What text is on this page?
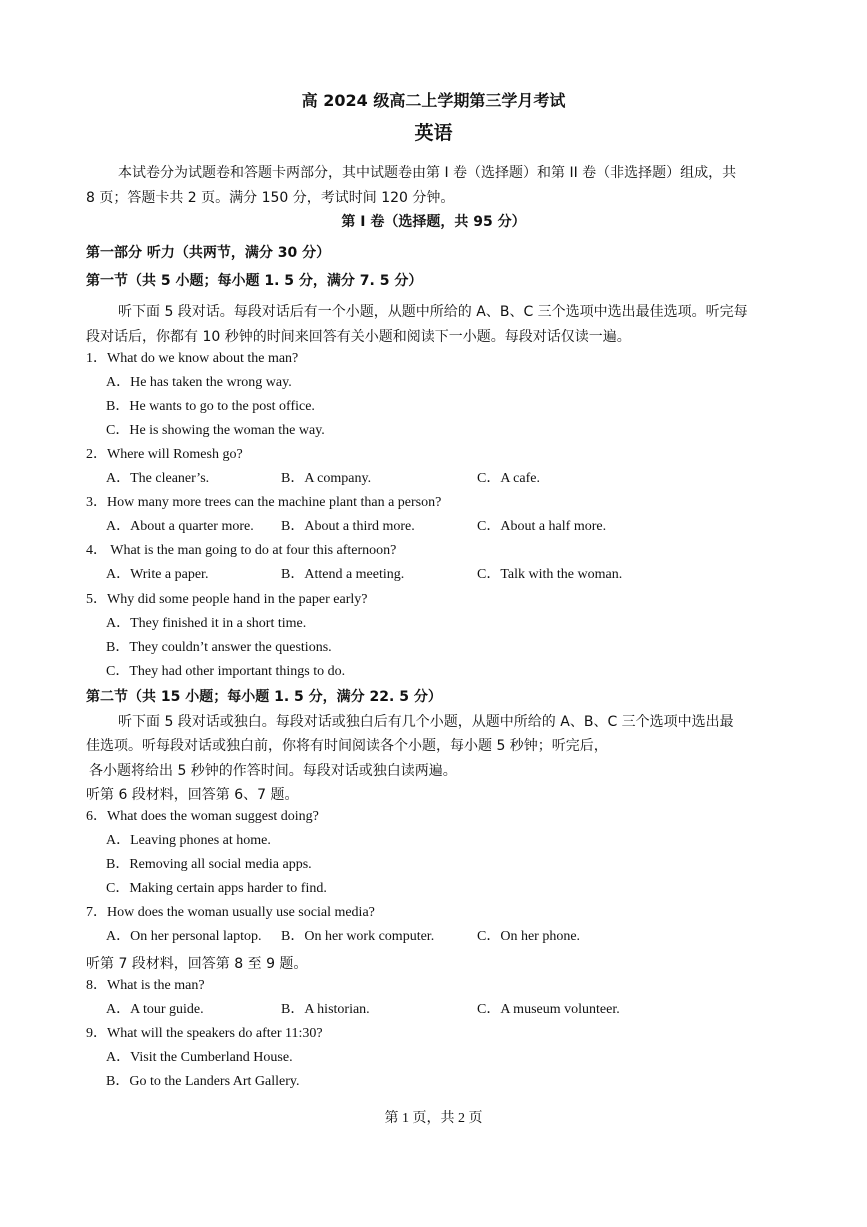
高 2024 级高二上学期第三学月考试
英语
本试卷分为试题卷和答题卡两部分，其中试题卷由第 I 卷（选择题）和第 II 卷（非选择题）组成，共
8 页；答题卡共 2 页。满分 150 分，考试时间 120 分钟。
第 I 卷（选择题，共 95 分）
第一部分 听力（共两节，满分 30 分）
第一节（共 5 小题；每小题 1. 5 分，满分 7. 5 分）
听下面 5 段对话。每段对话后有一个小题，从题中所给的 A、B、C 三个选项中选出最佳选项。听完每
段对话后，你都有 10 秒钟的时间来回答有关小题和阅读下一小题。每段对话仅读一遍。
1．What do we know about the man?
A．He has taken the wrong way.
B．He wants to go to the post office.
C．He is showing the woman the way.
2．Where will Romesh go?
A．The cleaner’s.	B．A company.	C．A cafe.
3．How many more trees can the machine plant than a person?
A．About a quarter more. B．About a third more.	C．About a half more.
4． What is the man going to do at four this afternoon?
A．Write a paper.	B．Attend a meeting.	C．Talk with the woman.
5．Why did some people hand in the paper early?
A．They finished it in a short time.
B．They couldn’t answer the questions.
C．They had other important things to do.
第二节（共 15 小题；每小题 1. 5 分，满分 22. 5 分）
听下面 5 段对话或独白。每段对话或独白后有几个小题，从题中所给的 A、B、C 三个选项中选出最
佳选项。听每段对话或独白前，你将有时间阅读各个小题，每小题 5 秒钟；听完后，
各小题将给出 5 秒钟的作答时间。每段对话或独白读两遍。
听第 6 段材料，回答第 6、7 题。
6．What does the woman suggest doing?
A．Leaving phones at home.
B．Removing all social media apps.
C．Making certain apps harder to find.
7．How does the woman usually use social media?
A．On her personal laptop. B．On her work computer.	C．On her phone.
听第 7 段材料，回答第 8 至 9 题。
8．What is the man?
A．A tour guide.	B．A historian.	C．A museum volunteer.
9．What will the speakers do after 11:30?
A．Visit the Cumberland House.
B．Go to the Landers Art Gallery.
第 1 页，共 2 页
